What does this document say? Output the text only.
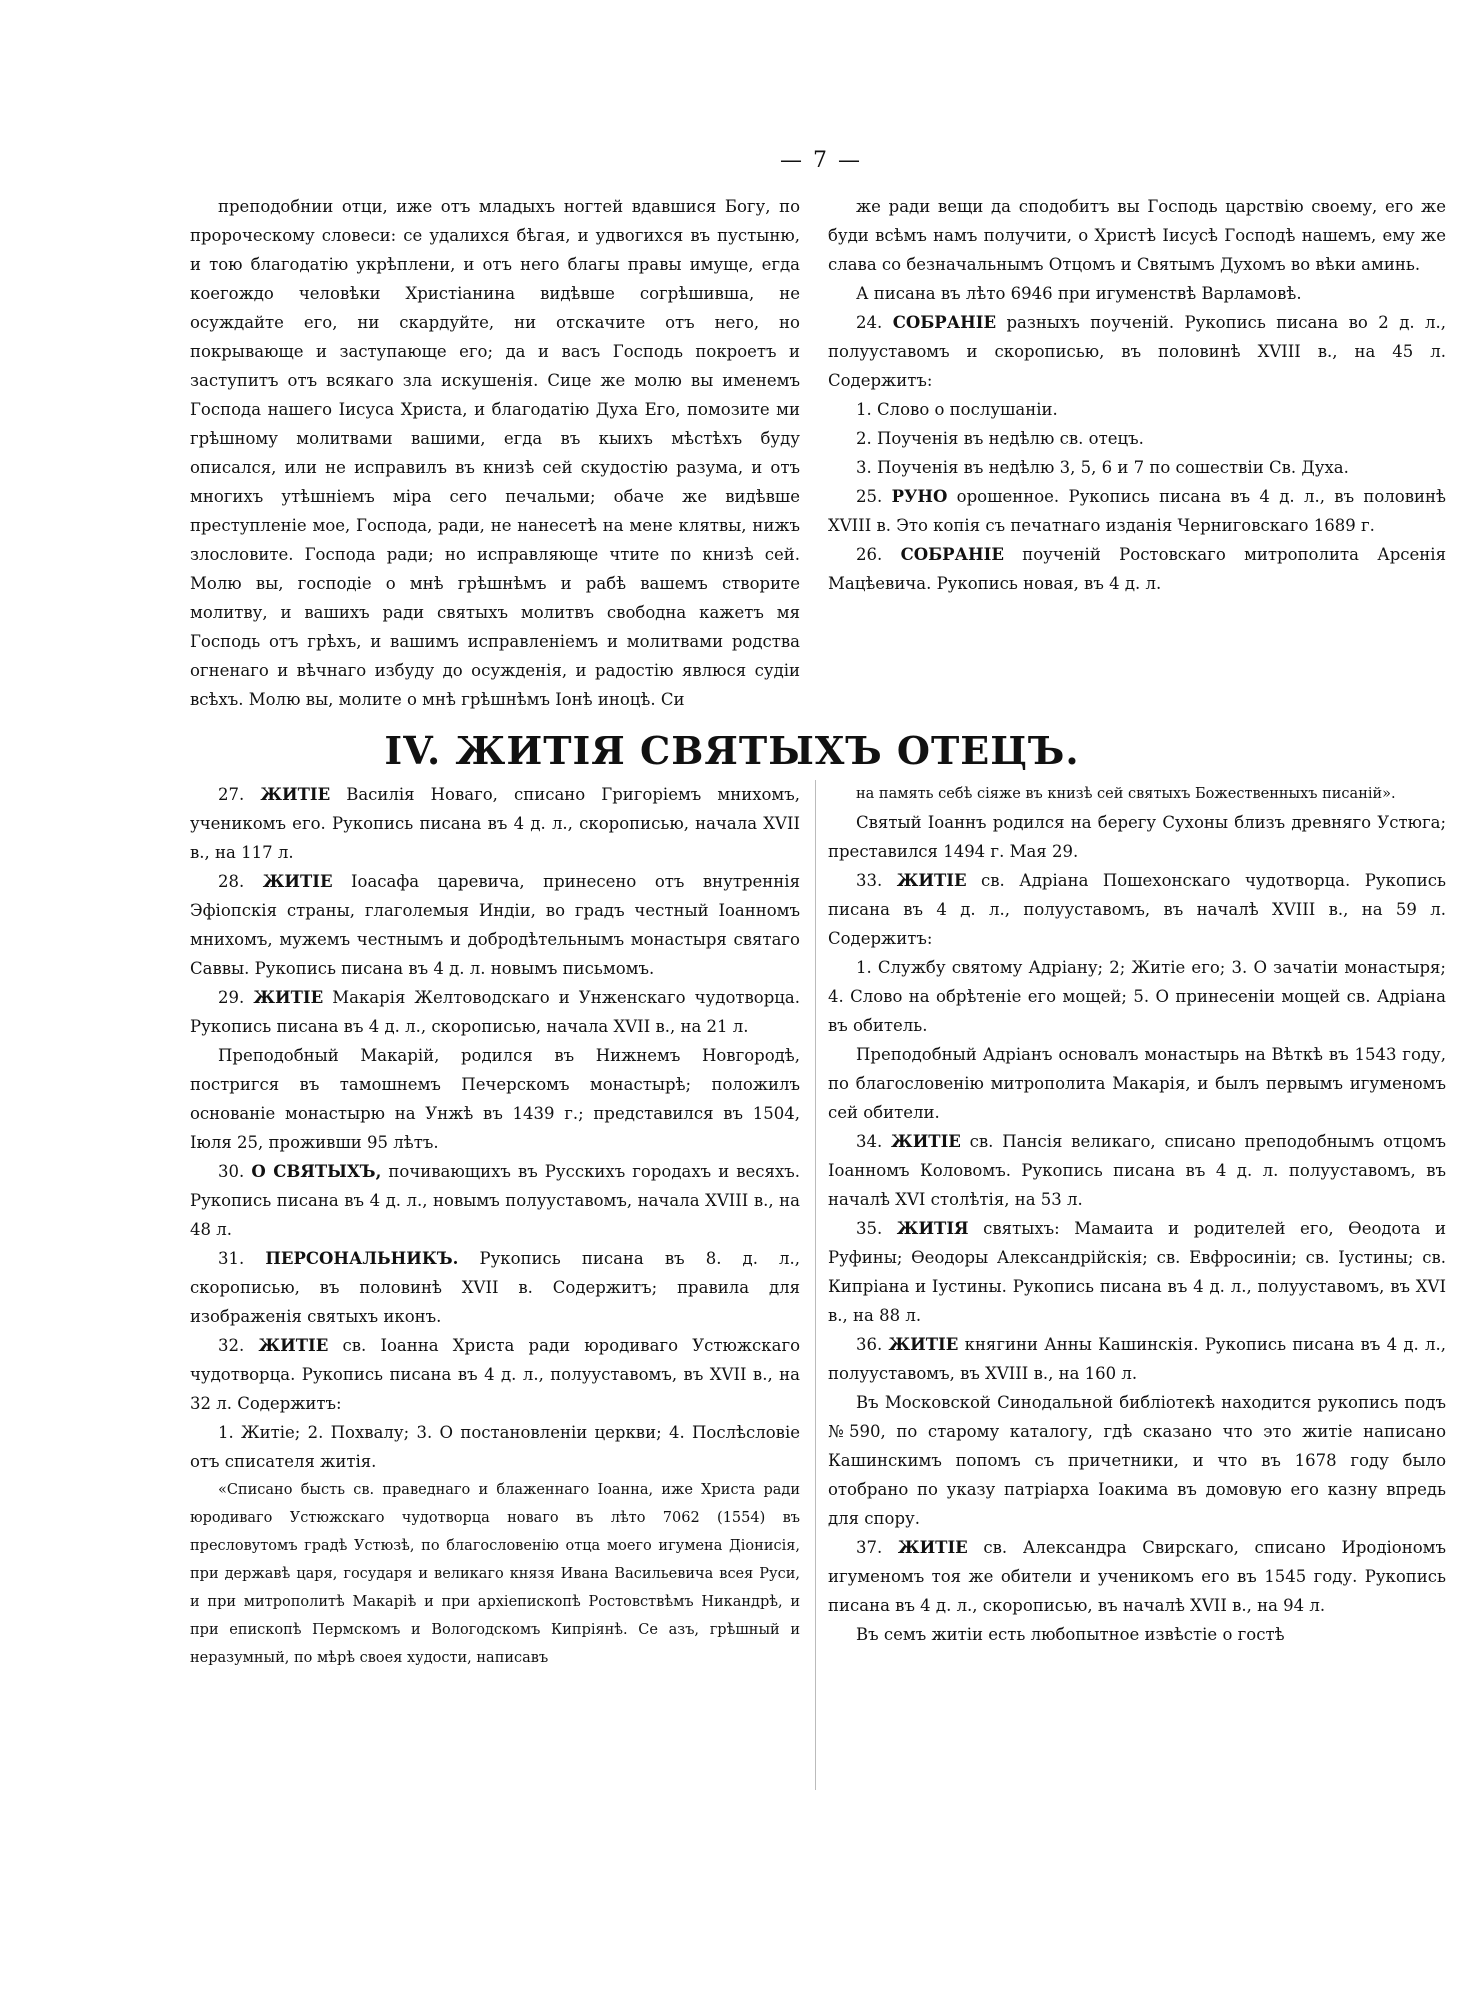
— 7 —

преподобнии отци, иже отъ младыхъ ногтей вдавшися Богу, по пророческому словеси: се удалихся бѣгая, и удвогихся въ пустыню, и тою благодатію укрѣплени, и отъ него благы правы имуще, егда коегождо человѣки Христіанина видѣвше согрѣшивша, не осуждайте его, ни скардуйте, ни отскачите отъ него, но покрывающе и заступающе его; да и васъ Господь покроетъ и заступитъ отъ всякаго зла искушенія. Сице же молю вы именемъ Господа нашего Іисуса Христа, и благодатію Духа Его, помозите ми грѣшному молитвами вашими, егда въ кыихъ мѣстѣхъ буду описался, или не исправилъ въ книзѣ сей скудостію разума, и отъ многихъ утѣшніемъ міра сего печальми; обаче же видѣвше преступленіе мое, Господа, ради, не нанесетѣ на мене клятвы, нижъ злословите. Господа ради; но исправляюще чтите по книзѣ сей. Молю вы, господіе о мнѣ грѣшнѣмъ и рабѣ вашемъ створите молитву, и вашихъ ради святыхъ молитвъ свободна кажетъ мя Господь отъ грѣхъ, и вашимъ исправленіемъ и молитвами родства огненаго и вѣчнаго избуду до осужденія, и радостію явлюся судіи всѣхъ. Молю вы, молите о мнѣ грѣшнѣмъ Іонѣ иноцѣ. Си

же ради вещи да сподобитъ вы Господь царствію своему, его же буди всѣмъ намъ получити, о Христѣ Іисусѣ Господѣ нашемъ, ему же слава со безначальнымъ Отцомъ и Святымъ Духомъ во вѣки аминь.

А писана въ лѣто 6946 при игуменствѣ Варламовѣ.

24. СОБРАНІЕ разныхъ поученій. Рукопись писана во 2 д. л., полууставомъ и скорописью, въ половинѣ XVIII в., на 45 л. Содержитъ:

1. Слово о послушаніи.

2. Поученія въ недѣлю св. отецъ.

3. Поученія въ недѣлю 3, 5, 6 и 7 по сошествіи Св. Духа.

25. РУНО орошенное. Рукопись писана въ 4 д. л., въ половинѣ XVIII в. Это копія съ печатнаго изданія Черниговскаго 1689 г.

26. СОБРАНІЕ поученій Ростовскаго митрополита Арсенія Мацѣевича. Рукопись новая, въ 4 д. л.

IV. ЖИТІЯ СВЯТЫХЪ ОТЕЦЪ.

27. ЖИТІЕ Василія Новаго, списано Григоріемъ мнихомъ, ученикомъ его. Рукопись писана въ 4 д. л., скорописью, начала XVII в., на 117 л.

28. ЖИТІЕ Іоасафа царевича, принесено отъ внутреннія Эфіопскія страны, глаголемыя Индіи, во градъ честный Іоанномъ мнихомъ, мужемъ честнымъ и добродѣтельнымъ монастыря святаго Саввы. Рукопись писана въ 4 д. л. новымъ письмомъ.

29. ЖИТІЕ Макарія Желтоводскаго и Унженскаго чудотворца. Рукопись писана въ 4 д. л., скорописью, начала XVII в., на 21 л.

Преподобный Макарій, родился въ Нижнемъ Новгородѣ, постригся въ тамошнемъ Печерскомъ монастырѣ; положилъ основаніе монастырю на Унжѣ въ 1439 г.; представился въ 1504, Іюля 25, проживши 95 лѣтъ.

30. О СВЯТЫХЪ, почивающихъ въ Русскихъ городахъ и весяхъ. Рукопись писана въ 4 д. л., новымъ полууставомъ, начала XVIII в., на 48 л.

31. ПЕРСОНАЛЬНИКЪ. Рукопись писана въ 8. д. л., скорописью, въ половинѣ XVII в. Содержитъ; правила для изображенія святыхъ иконъ.

32. ЖИТІЕ св. Іоанна Христа ради юродиваго Устюжскаго чудотворца. Рукопись писана въ 4 д. л., полууставомъ, въ XVII в., на 32 л. Содержитъ:

1. Житіе; 2. Похвалу; 3. О постановленіи церкви; 4. Послѣсловіе отъ списателя житія.

«Списано бысть св. праведнаго и блаженнаго Іоанна, иже Христа ради юродиваго Устюжскаго чудотворца новаго въ лѣто 7062 (1554) въ пресловутомъ градѣ Устюзѣ, по благословенію отца моего игумена Діонисія, при державѣ царя, государя и великаго князя Ивана Васильевича всея Руси, и при митрополитѣ Макаріѣ и при архіепископѣ Ростовствѣмъ Никандрѣ, и при епископѣ Пермскомъ и Вологодскомъ Кипріянѣ. Се азъ, грѣшный и неразумный, по мѣрѣ своея худости, написавъ

на память себѣ сіяже въ книзѣ сей святыхъ Божественныхъ писаній».

Святый Іоаннъ родился на берегу Сухоны близъ древняго Устюга; преставился 1494 г. Мая 29.

33. ЖИТІЕ св. Адріана Пошехонскаго чудотворца. Рукопись писана въ 4 д. л., полууставомъ, въ началѣ XVIII в., на 59 л. Содержитъ:

1. Службу святому Адріану; 2; Житіе его; 3. О зачатіи монастыря; 4. Слово на обрѣтеніе его мощей; 5. О принесеніи мощей св. Адріана въ обитель.

Преподобный Адріанъ основалъ монастырь на Вѣткѣ въ 1543 году, по благословенію митрополита Макарія, и былъ первымъ игуменомъ сей обители.

34. ЖИТІЕ св. Пансія великаго, списано преподобнымъ отцомъ Іоанномъ Коловомъ. Рукопись писана въ 4 д. л. полууставомъ, въ началѣ XVI столѣтія, на 53 л.

35. ЖИТІЯ святыхъ: Мамаита и родителей его, Ѳеодота и Руфины; Ѳеодоры Александрійскія; св. Евфросиніи; св. Іустины; св. Кипріана и Іустины. Рукопись писана въ 4 д. л., полууставомъ, въ XVI в., на 88 л.

36. ЖИТІЕ княгини Анны Кашинскія. Рукопись писана въ 4 д. л., полууставомъ, въ XVIII в., на 160 л.

Въ Московской Синодальной библіотекѣ находится рукопись подъ №590, по старому каталогу, гдѣ сказано что это житіе написано Кашинскимъ попомъ съ причетники, и что въ 1678 году было отобрано по указу патріарха Іоакима въ домовую его казну впредь для спору.

37. ЖИТІЕ св. Александра Свирскаго, списано Иродіономъ игуменомъ тоя же обители и ученикомъ его въ 1545 году. Рукопись писана въ 4 д. л., скорописью, въ началѣ XVII в., на 94 л.

Въ семъ житіи есть любопытное извѣстіе о гостѣ
